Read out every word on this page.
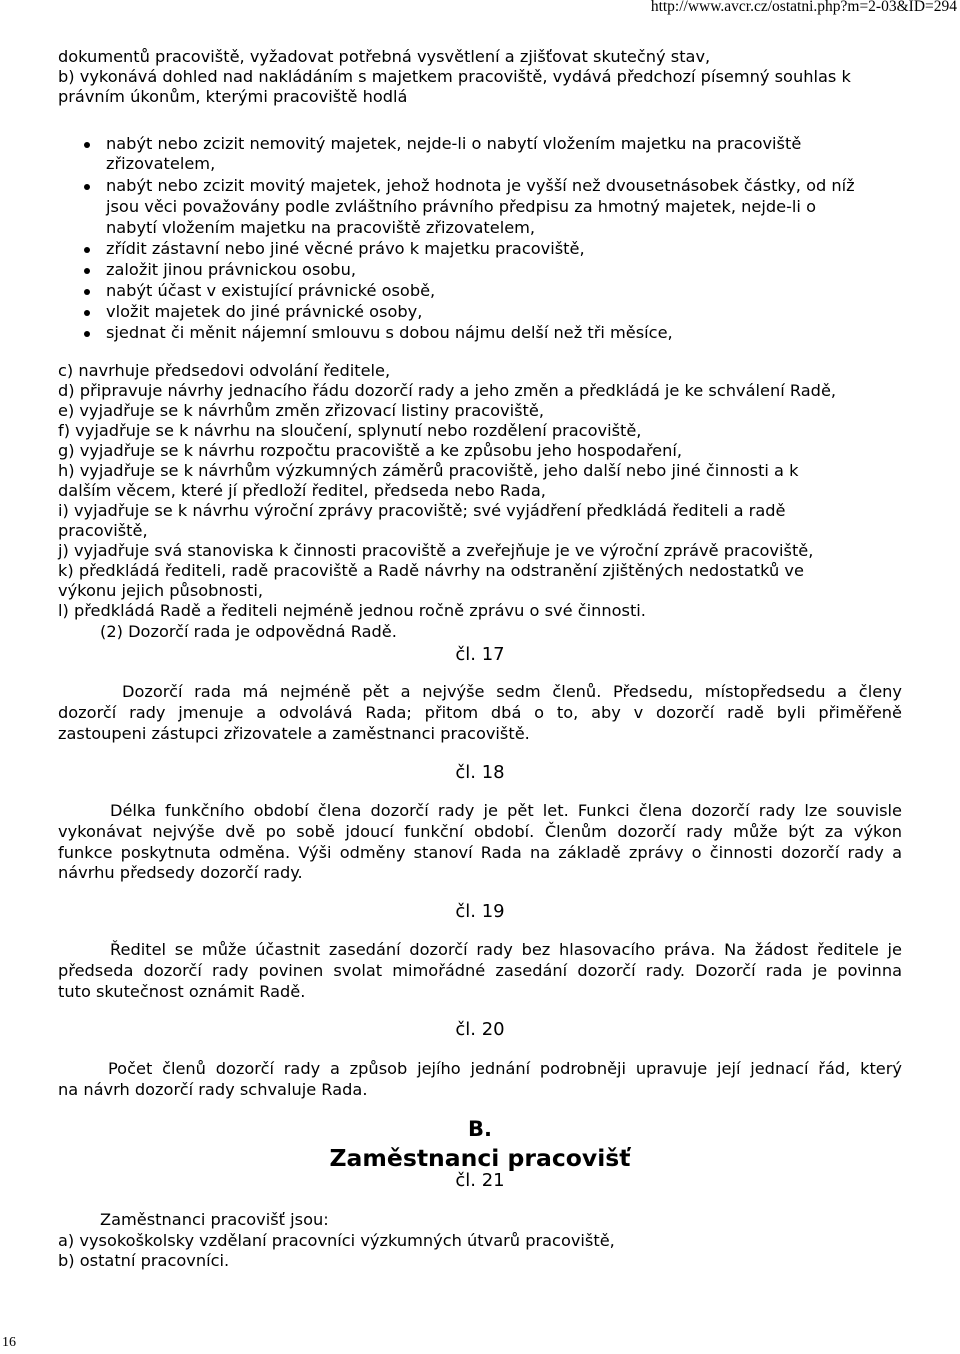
http://www.avcr.cz/ostatni.php?m=2-03&ID=294
dokumentů pracoviště, vyžadovat potřebná vysvětlení a zjišťovat skutečný stav,
b) vykonává dohled nad nakládáním s majetkem pracoviště, vydává předchozí písemný souhlas k
právním úkonům, kterými pracoviště hodlá
nabýt nebo zcizit nemovitý majetek, nejde-li o nabytí vložením majetku na pracoviště
zřizovatelem,
nabýt nebo zcizit movitý majetek, jehož hodnota je vyšší než dvousetnásobek částky, od níž
jsou věci považovány podle zvláštního právního předpisu za hmotný majetek, nejde-li o
nabytí vložením majetku na pracoviště zřizovatelem,
zřídit zástavní nebo jiné věcné právo k majetku pracoviště,
založit jinou právnickou osobu,
nabýt účast v existující právnické osobě,
vložit majetek do jiné právnické osoby,
sjednat či měnit nájemní smlouvu s dobou nájmu delší než tři měsíce,
c) navrhuje předsedovi odvolání ředitele,
d) připravuje návrhy jednacího řádu dozorčí rady a jeho změn a předkládá je ke schválení Radě,
e) vyjadřuje se k návrhům změn zřizovací listiny pracoviště,
f) vyjadřuje se k návrhu na sloučení, splynutí nebo rozdělení pracoviště,
g) vyjadřuje se k návrhu rozpočtu pracoviště a ke způsobu jeho hospodaření,
h) vyjadřuje se k návrhům výzkumných záměrů pracoviště, jeho další nebo jiné činnosti a k
dalším věcem, které jí předloží ředitel, předseda nebo Rada,
i) vyjadřuje se k návrhu výroční zprávy pracoviště; své vyjádření předkládá řediteli a radě
pracoviště,
j) vyjadřuje svá stanoviska k činnosti pracoviště a zveřejňuje je ve výroční zprávě pracoviště,
k) předkládá řediteli, radě pracoviště a Radě návrhy na odstranění zjištěných nedostatků ve
výkonu jejich působnosti,
l) předkládá Radě a řediteli nejméně jednou ročně zprávu o své činnosti.
(2) Dozorčí rada je odpovědná Radě.
čl. 17
Dozorčí rada má nejméně pět a nejvýše sedm členů. Předsedu, místopředsedu a členy
dozorčí rady jmenuje a odvolává Rada; přitom dbá o to, aby v dozorčí radě byli přiměřeně
zastoupeni zástupci zřizovatele a zaměstnanci pracoviště.
čl. 18
Délka funkčního období člena dozorčí rady je pět let. Funkci člena dozorčí rady lze souvisle
vykonávat nejvýše dvě po sobě jdoucí funkční období. Členům dozorčí rady může být za výkon
funkce poskytnuta odměna. Výši odměny stanoví Rada na základě zprávy o činnosti dozorčí rady a
návrhu předsedy dozorčí rady.
čl. 19
Ředitel se může účastnit zasedání dozorčí rady bez hlasovacího práva. Na žádost ředitele je
předseda dozorčí rady povinen svolat mimořádné zasedání dozorčí rady. Dozorčí rada je povinna
tuto skutečnost oznámit Radě.
čl. 20
Počet členů dozorčí rady a způsob jejího jednání podrobněji upravuje její jednací řád, který
na návrh dozorčí rady schvaluje Rada.
B.
Zaměstnanci pracovišť
čl. 21
Zaměstnanci pracovišť jsou:
a) vysokoškolsky vzdělaní pracovníci výzkumných útvarů pracoviště,
b) ostatní pracovníci.
16
